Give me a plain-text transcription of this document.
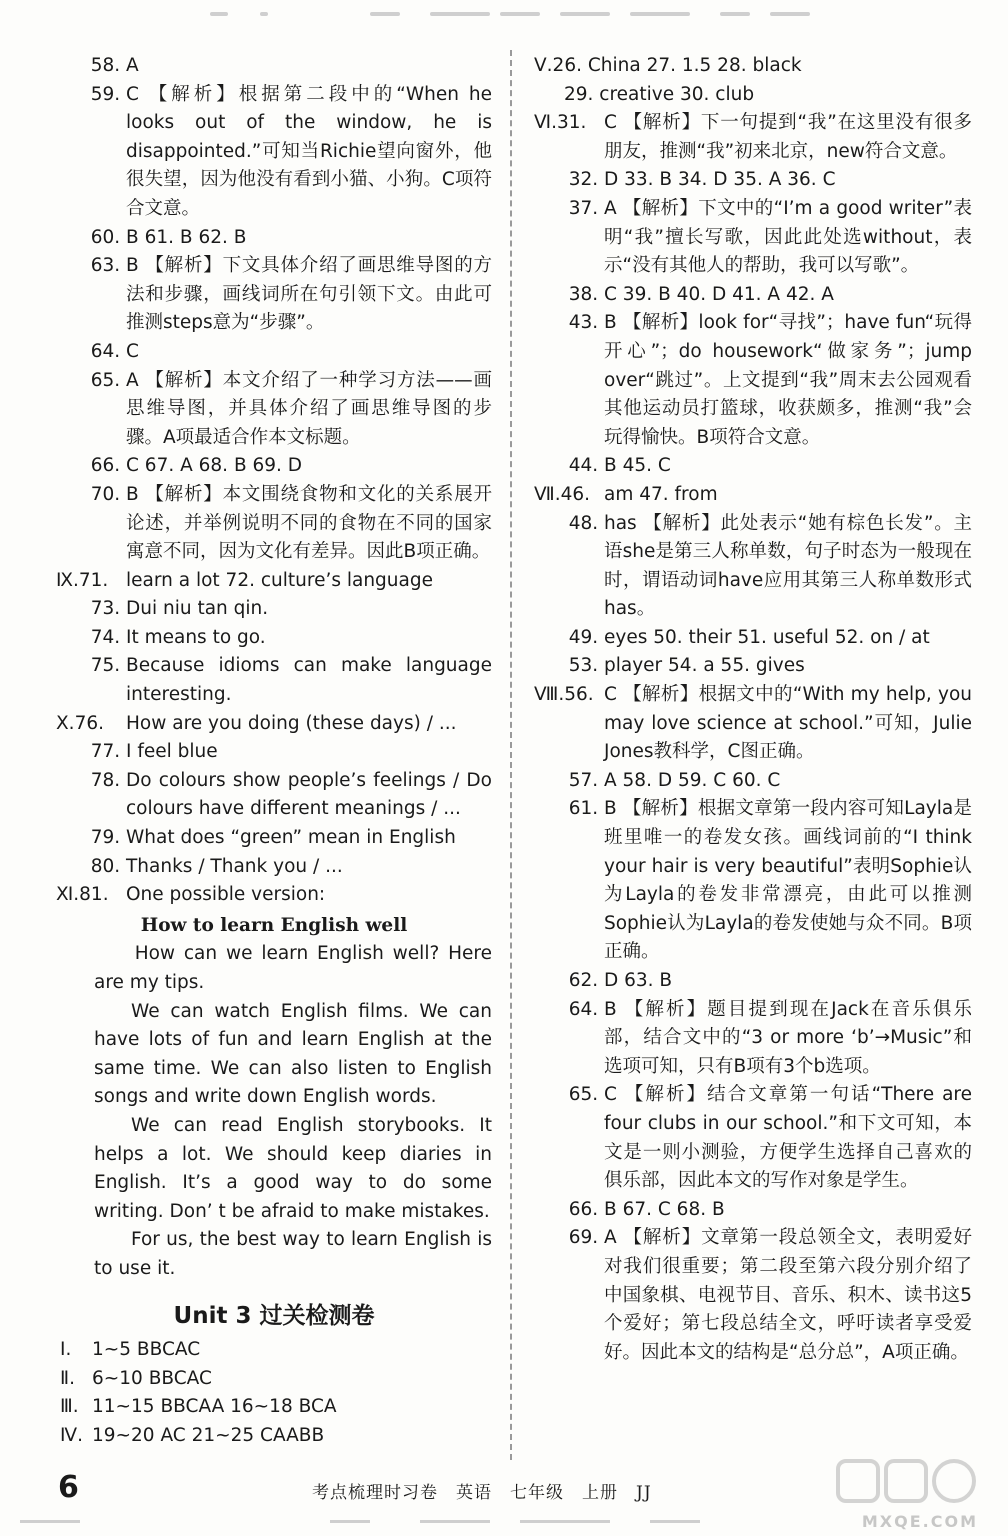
58. A
59. C 【解析】根据第二段中的“When he looks out of the window, he is disappointed.”可知当Richie望向窗外，他很失望，因为他没有看到小猫、小狗。C项符合文意。
60. B 61. B 62. B
63. B 【解析】下文具体介绍了画思维导图的方法和步骤，画线词所在句引领下文。由此可推测steps意为“步骤”。
64. C
65. A 【解析】本文介绍了一种学习方法——画思维导图，并具体介绍了画思维导图的步骤。A项最适合作本文标题。
66. C 67. A 68. B 69. D
70. B 【解析】本文围绕食物和文化的关系展开论述，并举例说明不同的食物在不同的国家寓意不同，因为文化有差异。因此B项正确。
Ⅸ.71. learn a lot 72. culture’s language
73. Dui niu tan qin.
74. It means to go.
75. Because idioms can make language interesting.
Ⅹ.76. How are you doing (these days) / ...
77. I feel blue
78. Do colours show people’s feelings / Do colours have different meanings / ...
79. What does “green” mean in English
80. Thanks / Thank you / ...
Ⅺ.81. One possible version:
How to learn English well
How can we learn English well? Here are my tips.
We can watch English films. We can have lots of fun and learn English at the same time. We can also listen to English songs and write down English words.
We can read English storybooks. It helps a lot. We should keep diaries in English. It’s a good way to do some writing. Don’ t be afraid to make mistakes.
For us, the best way to learn English is to use it.
Unit 3 过关检测卷
Ⅰ. 1~5 BBCAC
Ⅱ. 6~10 BBCAC
Ⅲ. 11~15 BBCAA 16~18 BCA
Ⅳ. 19~20 AC 21~25 CAABB
Ⅴ.26. China 27. 1.5 28. black
29. creative 30. club
Ⅵ.31. C 【解析】下一句提到“我”在这里没有很多朋友，推测“我”初来北京，new符合文意。
32. D 33. B 34. D 35. A 36. C
37. A 【解析】下文中的“I’m a good writer”表明“我”擅长写歌，因此此处选without，表示“没有其他人的帮助，我可以写歌”。
38. C 39. B 40. D 41. A 42. A
43. B 【解析】look for“寻找”；have fun“玩得开心”；do housework“做家务”；jump over“跳过”。上文提到“我”周末去公园观看其他运动员打篮球，收获颇多，推测“我”会玩得愉快。B项符合文意。
44. B 45. C
Ⅶ.46. am 47. from
48. has 【解析】此处表示“她有棕色长发”。主语she是第三人称单数，句子时态为一般现在时，谓语动词have应用其第三人称单数形式has。
49. eyes 50. their 51. useful 52. on / at
53. player 54. a 55. gives
Ⅷ.56. C 【解析】根据文中的“With my help, you may love science at school.”可知，Julie Jones教科学，C图正确。
57. A 58. D 59. C 60. C
61. B 【解析】根据文章第一段内容可知Layla是班里唯一的卷发女孩。画线词前的“I think your hair is very beautiful”表明Sophie认为Layla的卷发非常漂亮，由此可以推测Sophie认为Layla的卷发使她与众不同。B项正确。
62. D 63. B
64. B 【解析】题目提到现在Jack在音乐俱乐部，结合文中的“3 or more ‘b’→Music”和选项可知，只有B项有3个b选项。
65. C 【解析】结合文章第一句话“There are four clubs in our school.”和下文可知，本文是一则小测验，方便学生选择自己喜欢的俱乐部，因此本文的写作对象是学生。
66. B 67. C 68. B
69. A 【解析】文章第一段总领全文，表明爱好对我们很重要；第二段至第六段分别介绍了中国象棋、电视节目、音乐、积木、读书这5个爱好；第七段总结全文，呼吁读者享受爱好。因此本文的结构是“总分总”，A项正确。
6	考点梳理时习卷 英语 七年级 上册 JJ
MXQE.COM
